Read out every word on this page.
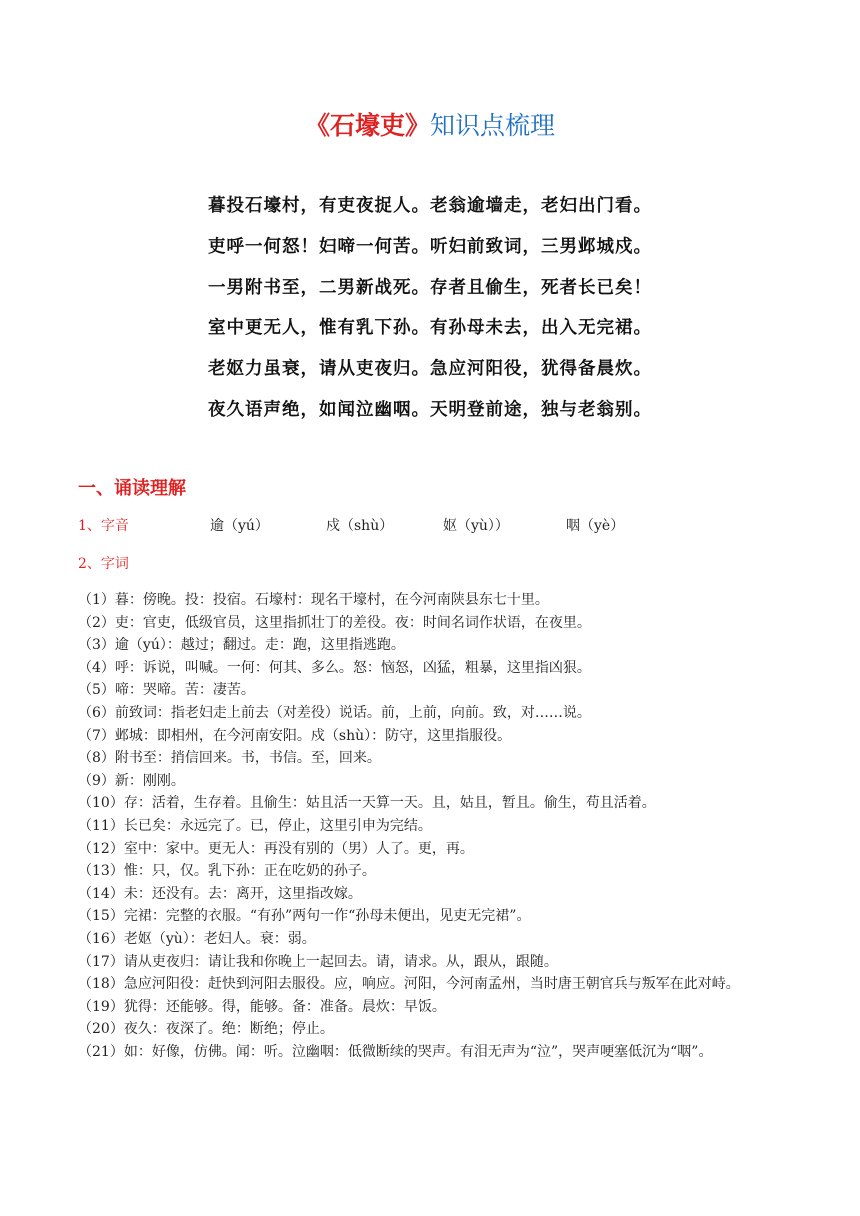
《石壕吏》知识点梳理
暮投石壕村，有吏夜捉人。老翁逾墙走，老妇出门看。
吏呼一何怒！妇啼一何苦。听妇前致词，三男邺城戍。
一男附书至，二男新战死。存者且偷生，死者长已矣！
室中更无人，惟有乳下孙。有孙母未去，出入无完裙。
老妪力虽衰，请从吏夜归。急应河阳役，犹得备晨炊。
夜久语声绝，如闻泣幽咽。天明登前途，独与老翁别。
一、诵读理解
1、字音	逾（yú）	戍（shù）	妪（yù））	咽（yè）
2、字词

（1）暮：傍晚。投：投宿。石壕村：现名干壕村，在今河南陕县东七十里。

（2）吏：官吏，低级官员，这里指抓壮丁的差役。夜：时间名词作状语，在夜里。

（3）逾（yú）：越过；翻过。走：跑，这里指逃跑。

（4）呼：诉说，叫喊。一何：何其、多么。怒：恼怒，凶猛，粗暴，这里指凶狠。

（5）啼：哭啼。苦：凄苦。

（6）前致词：指老妇走上前去（对差役）说话。前，上前，向前。致，对……说。

（7）邺城：即相州，在今河南安阳。戍（shù）：防守，这里指服役。

（8）附书至：捎信回来。书，书信。至，回来。

（9）新：刚刚。

（10）存：活着，生存着。且偷生：姑且活一天算一天。且，姑且，暂且。偷生，苟且活着。

（11）长已矣：永远完了。已，停止，这里引申为完结。

（12）室中：家中。更无人：再没有别的（男）人了。更，再。

（13）惟：只，仅。乳下孙：正在吃奶的孙子。

（14）未：还没有。去：离开，这里指改嫁。

（15）完裙：完整的衣服。“有孙”两句一作“孙母未便出，见吏无完裙”。

（16）老妪（yù）：老妇人。衰：弱。

（17）请从吏夜归：请让我和你晚上一起回去。请，请求。从，跟从，跟随。

（18）急应河阳役：赶快到河阳去服役。应，响应。河阳，今河南孟州，当时唐王朝官兵与叛军在此对峙。

（19）犹得：还能够。得，能够。备：准备。晨炊：早饭。

（20）夜久：夜深了。绝：断绝；停止。

（21）如：好像，仿佛。闻：听。泣幽咽：低微断续的哭声。有泪无声为“泣”，哭声哽塞低沉为“咽”。
